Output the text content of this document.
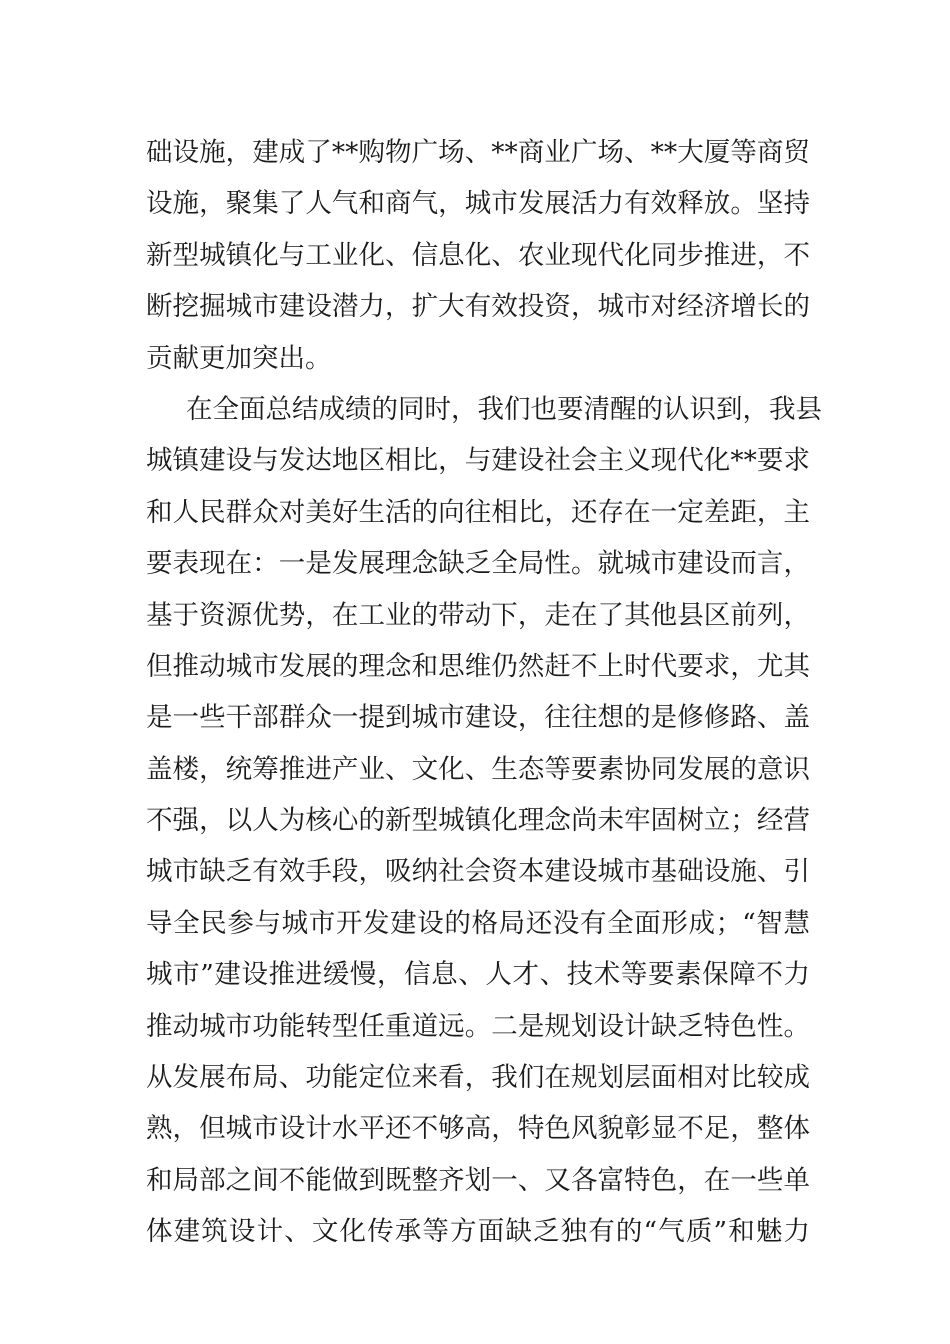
础设施，建成了**购物广场、**商业广场、**大厦等商贸
设施，聚集了人气和商气，城市发展活力有效释放。坚持
新型城镇化与工业化、信息化、农业现代化同步推进，不
断挖掘城市建设潜力，扩大有效投资，城市对经济增长的
贡献更加突出。
在全面总结成绩的同时，我们也要清醒的认识到，我县
城镇建设与发达地区相比，与建设社会主义现代化**要求
和人民群众对美好生活的向往相比，还存在一定差距，主
要表现在：一是发展理念缺乏全局性。就城市建设而言，
基于资源优势，在工业的带动下，走在了其他县区前列，
但推动城市发展的理念和思维仍然赶不上时代要求，尤其
是一些干部群众一提到城市建设，往往想的是修修路、盖
盖楼，统筹推进产业、文化、生态等要素协同发展的意识
不强，以人为核心的新型城镇化理念尚未牢固树立；经营
城市缺乏有效手段，吸纳社会资本建设城市基础设施、引
导全民参与城市开发建设的格局还没有全面形成；“智慧
城市”建设推进缓慢，信息、人才、技术等要素保障不力
推动城市功能转型任重道远。二是规划设计缺乏特色性。
从发展布局、功能定位来看，我们在规划层面相对比较成
熟，但城市设计水平还不够高，特色风貌彰显不足，整体
和局部之间不能做到既整齐划一、又各富特色，在一些单
体建筑设计、文化传承等方面缺乏独有的“气质”和魅力
